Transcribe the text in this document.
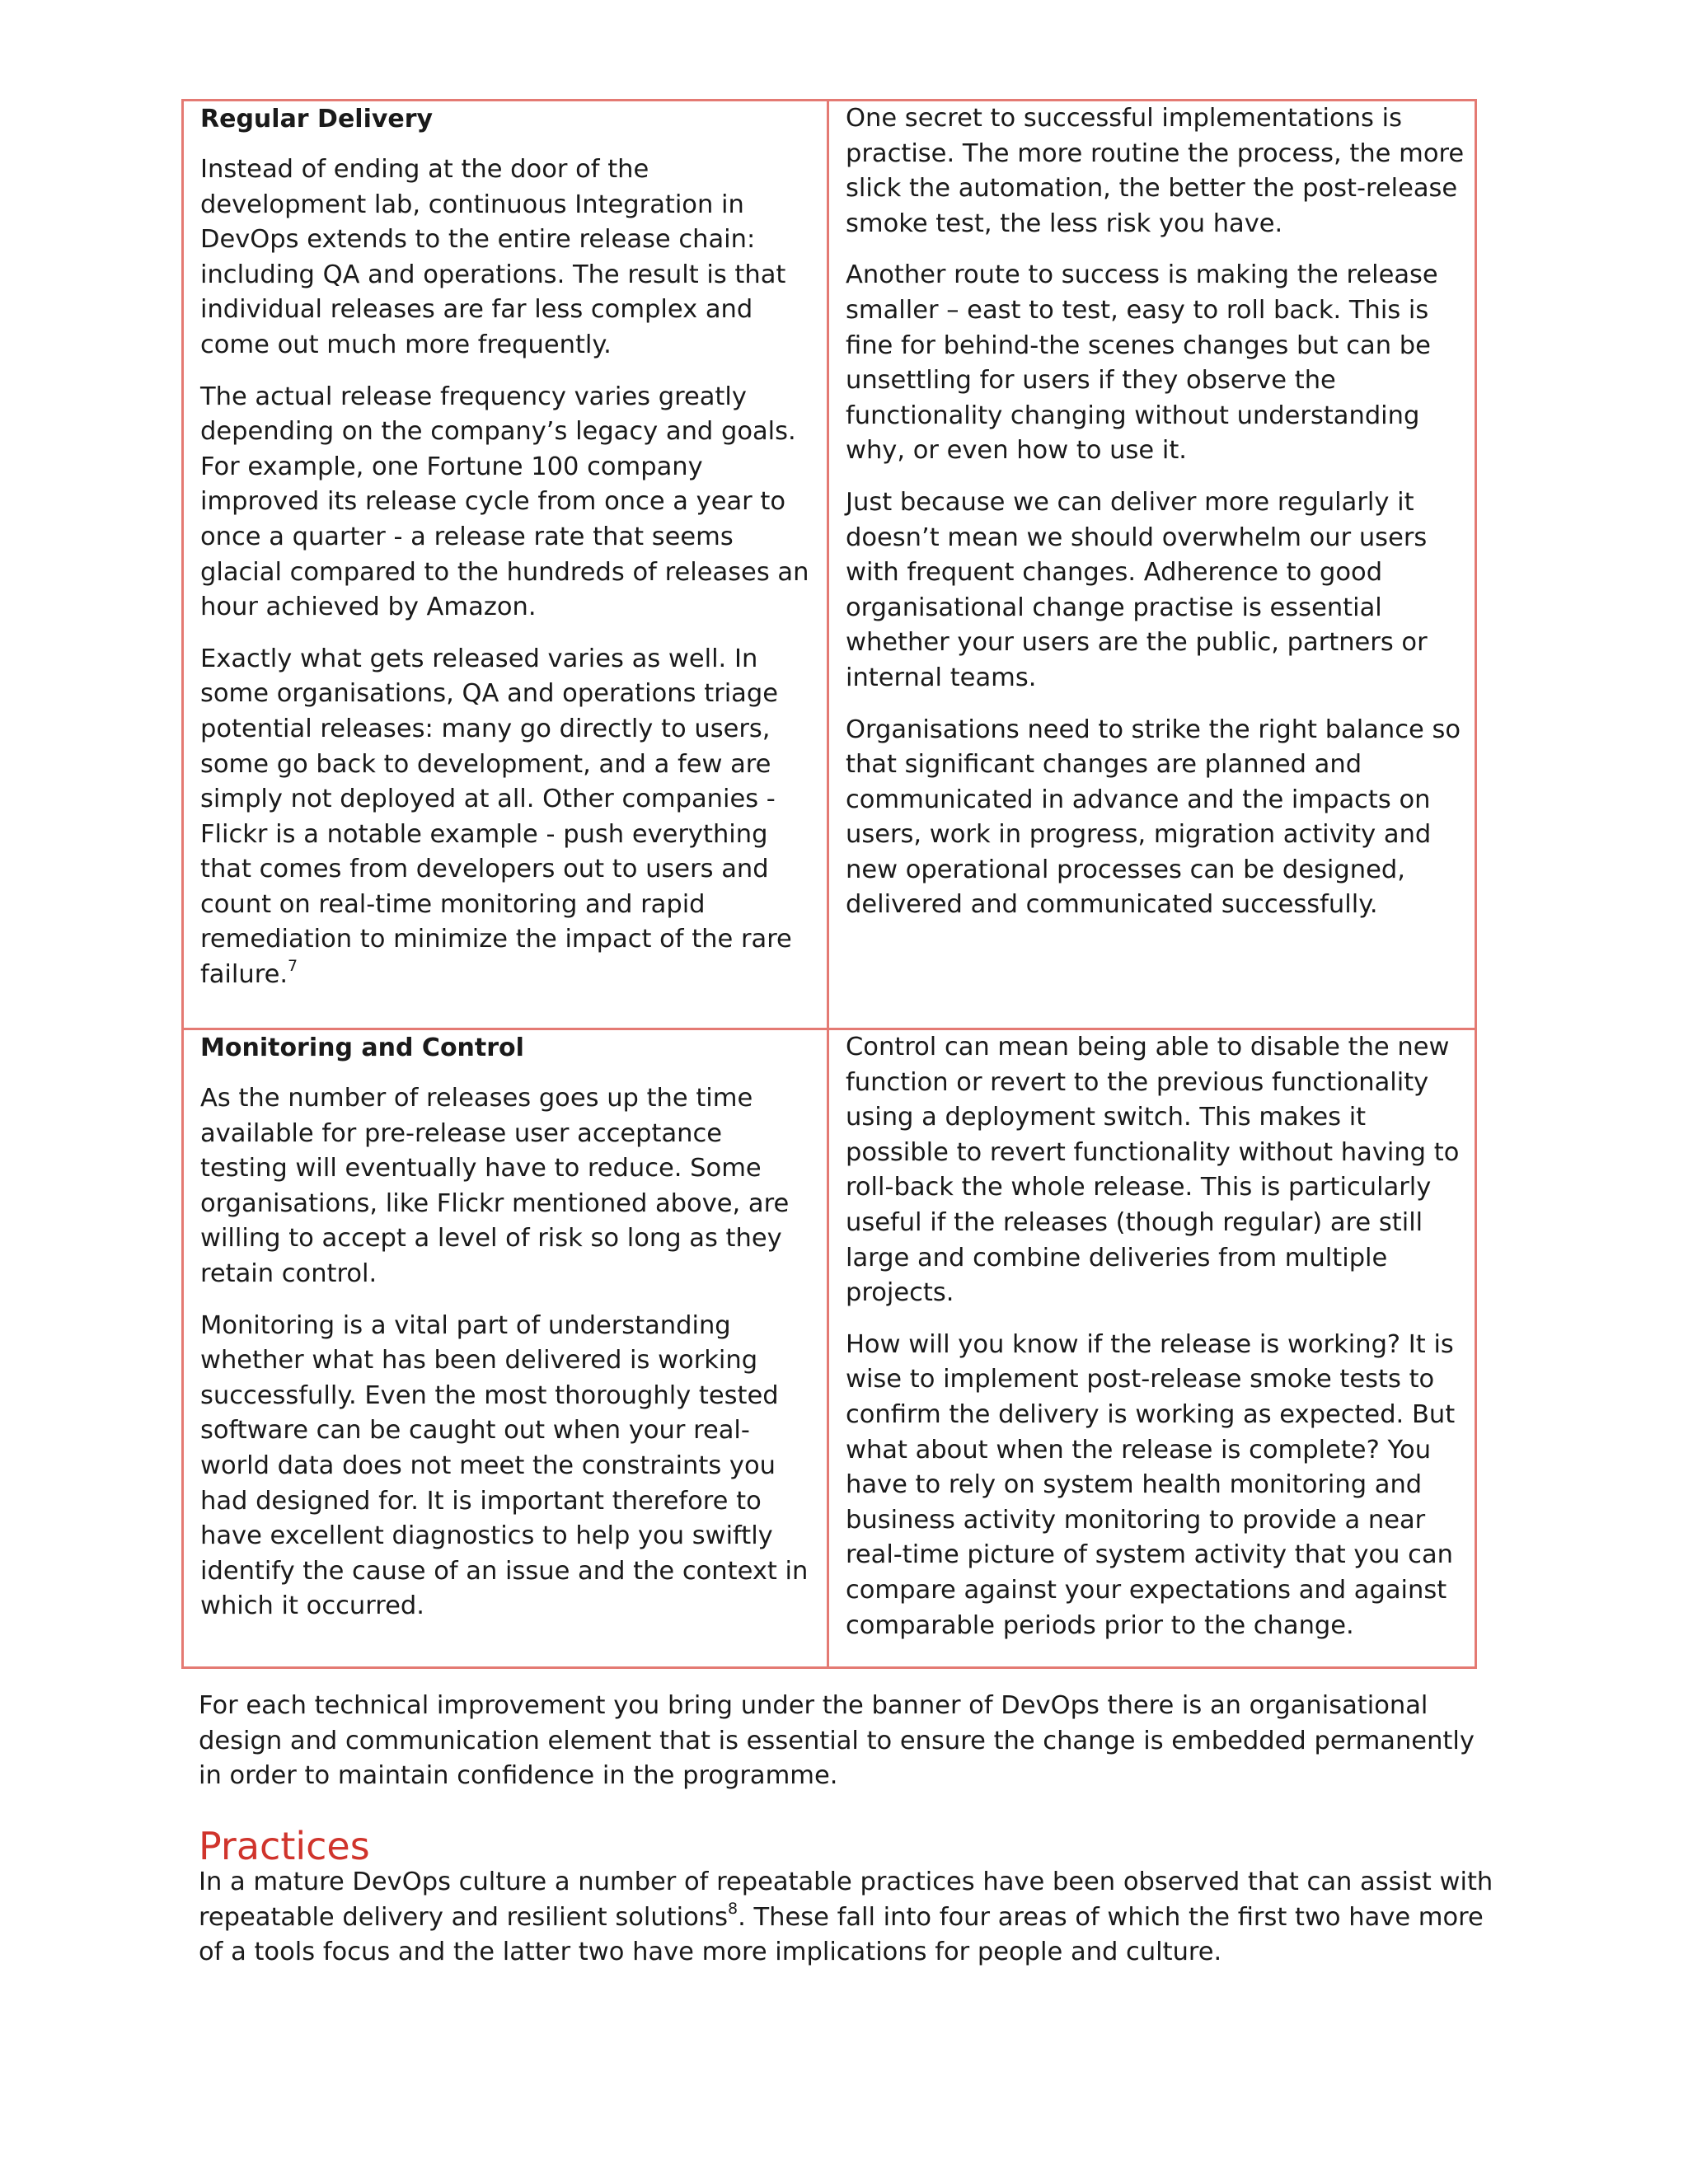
Regular Delivery

Instead of ending at the door of the development lab, continuous Integration in DevOps extends to the entire release chain: including QA and operations. The result is that individual releases are far less complex and come out much more frequently.

The actual release frequency varies greatly depending on the company’s legacy and goals. For example, one Fortune 100 company improved its release cycle from once a year to once a quarter - a release rate that seems glacial compared to the hundreds of releases an hour achieved by Amazon.

Exactly what gets released varies as well. In some organisations, QA and operations triage potential releases: many go directly to users, some go back to development, and a few are simply not deployed at all. Other companies - Flickr is a notable example - push everything that comes from developers out to users and count on real-time monitoring and rapid remediation to minimize the impact of the rare failure.$^7$

One secret to successful implementations is practise. The more routine the process, the more slick the automation, the better the post-release smoke test, the less risk you have.

Another route to success is making the release smaller – east to test, easy to roll back. This is fine for behind-the scenes changes but can be unsettling for users if they observe the functionality changing without understanding why, or even how to use it.

Just because we can deliver more regularly it doesn’t mean we should overwhelm our users with frequent changes. Adherence to good organisational change practise is essential whether your users are the public, partners or internal teams.

Organisations need to strike the right balance so that significant changes are planned and communicated in advance and the impacts on users, work in progress, migration activity and new operational processes can be designed, delivered and communicated successfully.

Monitoring and Control

As the number of releases goes up the time available for pre-release user acceptance testing will eventually have to reduce. Some organisations, like Flickr mentioned above, are willing to accept a level of risk so long as they retain control.

Monitoring is a vital part of understanding whether what has been delivered is working successfully. Even the most thoroughly tested software can be caught out when your real-world data does not meet the constraints you had designed for. It is important therefore to have excellent diagnostics to help you swiftly identify the cause of an issue and the context in which it occurred.

Control can mean being able to disable the new function or revert to the previous functionality using a deployment switch. This makes it possible to revert functionality without having to roll-back the whole release. This is particularly useful if the releases (though regular) are still large and combine deliveries from multiple projects.

How will you know if the release is working? It is wise to implement post-release smoke tests to confirm the delivery is working as expected. But what about when the release is complete? You have to rely on system health monitoring and business activity monitoring to provide a near real-time picture of system activity that you can compare against your expectations and against comparable periods prior to the change.

For each technical improvement you bring under the banner of DevOps there is an organisational design and communication element that is essential to ensure the change is embedded permanently in order to maintain confidence in the programme.

Practices

In a mature DevOps culture a number of repeatable practices have been observed that can assist with repeatable delivery and resilient solutions$^8$. These fall into four areas of which the first two have more of a tools focus and the latter two have more implications for people and culture.
